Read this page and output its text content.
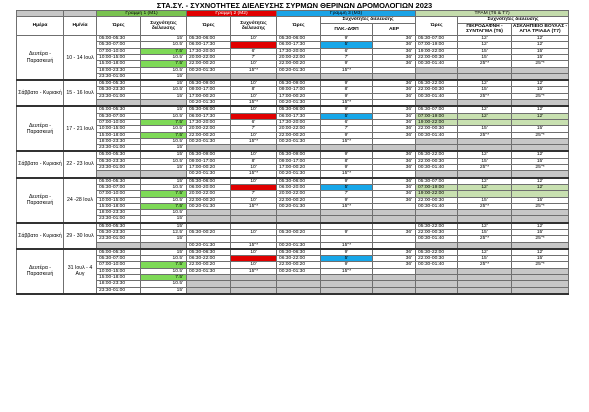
ΣΤΑ.ΣΥ. - ΣΥΧΝΟΤΗΤΕΣ ΔΙΕΛΕΥΣΗΣ ΣΥΡΜΩΝ ΘΕΡΙΝΩΝ ΔΡΟΜΟΛΟΓΙΩΝ 2023
		Γραμμή 1 (Μ1)		Γραμμή 2 (Μ2)		Γραμμή 3 (Μ3)			ΤΡΑΜ (Τ6 & Τ7)		
Ημέρα	Ημ/νία	Ώρες	Συχνότητες διέλευσης	Ώρες	Συχνότητες διέλευσης	Ώρες	Συχνότητες διέλευσης		Ώρες	Συχνότητες διέλευσης	
							ΠΛΚ.-ΔΦΠ	ΑΕΡ		ΠΙΚΡΟΔΑΦΝΗ - ΣΥΝΤΑΓΜΑ (Τ6)	ΑΣΚΛΗΠΙΕΙΟ ΒΟΥΛΑΣ - ΑΓΙΑ ΤΡΙΑΔΑ (Τ7)
Δευτέρα - Παρασκευή	10 - 14 Ιουλ	05:00-05:30	15'	05:30-06:00	10'	05:30-06:00	9'	36'	05:30-07:00	12'	12'
		05:30-07:00	10.5'	06:00-17:30		06:00-17:30	5'	36'	07:00-19:00	12'	12'
		07:00-10:00	7.5'	17:30-20:00	6'	17:30-20:00	6'	36'	19:00-22:00	15'	15'
		10:00-15:00	10.5'	20:00-22:00	7'	20:00-22:00	7'	36'	22:00-00:30	15'	15'
		15:00-18:00	7.5'	22:00-00:20	10'	22:00-00:20	9'	36'	00:30-01:40	25''*	25''*
		18:00-23:30	10.5'	00:20-01:30	15''*	00:20-01:30	15''*				
		23:30-01:00	15'								
Σάββατο - Κυριακή	15 - 16 Ιουλ	05:00-05:30	15'	05:30-09:00	10'	05:30-09:00	9'	36'	05:30-22:00	12'	12'
		05:30-23:30	10.5'	09:00-17:00	8'	09:00-17:00	8'	36'	22:00-00:30	15'	15'
		23:30-01:00	15'	17:00-00:20	10'	17:00-00:20	9'	36'	00:30-01:40	25''*	25''*
				00:20-01:30	15''*	00:20-01:30	15''*				
Δευτέρα - Παρασκευή	17 - 21 Ιουλ	05:00-05:30	15'	05:30-06:00	10'	05:30-06:00	9'	36'	05:30-07:00	12'	12'
		05:30-07:00	10.5'	06:00-17:30		06:00-17:30	5'	36'	07:00-19:00	12'	12'
		07:00-10:00	7.5'	17:30-20:00	6'	17:30-20:00	6'	36'	19:00-22:00		
		10:00-15:00	10.5'	20:00-22:00	7'	20:00-22:00	7'	36'	22:00-00:30	15'	15'
		15:00-18:00	7.5'	22:00-00:20	10'	22:00-00:20	9'	36'	00:30-01:40	25''*	25''*
		18:00-23:30	10.5'	00:20-01:30	15''*	00:20-01:30	15''*				
		23:30-01:00	15'								
Σάββατο - Κυριακή	22 - 23 Ιουλ	05:00-05:30	15'	05:30-09:00	10'	05:30-09:00	9'	36'	05:30-22:00	12'	12'
		05:30-23:30	10.5'	09:00-17:00	8'	09:00-17:00	8'	36'	22:00-00:30	15'	15'
		23:30-01:00	15'	17:00-00:20	10'	17:00-00:20	9'	36'	00:30-01:40	25''*	25''*
				00:20-01:30	15''*	00:20-01:30	15''*				
Δευτέρα - Παρασκευή	24 -28 Ιουλ	05:00-05:30	15'	05:30-06:00	10'	05:30-06:00	9'	36'	05:30-07:00	12'	12'
		05:30-07:00	10.5'	06:00-20:00		06:00-20:00	5'	36'	07:00-19:00	12'	12'
		07:00-10:00	7.5'	20:00-22:00	7'	20:00-22:00	7'	36'	19:00-22:00		
		10:00-15:00	10.5'	22:00-00:20	10'	22:00-00:20	9'	36'	22:00-00:30	15'	15'
		15:00-18:00	7.5'	00:20-01:30	15''*	00:20-01:30	15''*		00:30-01:40	25''*	25''*
		18:00-23:30	10.5'								
		23:30-01:00	15'								
Σάββατο - Κυριακή	29 - 30 Ιουλ	05:00-05:30	15'						05:30-22:00	12'	12'
		05:30-23:30	12.5'	05:30-00:20	10'	05:30-00:20	9'	36'	22:00-00:30	15'	15'
		23:30-01:00	15'						00:30-01:40	25''*	25''*
				00:20-01:30	15''*	00:20-01:30	15''*				
Δευτέρα - Παρασκευή	31 Ιουλ - 4 Αυγ	05:00-05:30	15'	05:30-06:30	10'	05:30-06:30	9'	36'	05:30-22:00	12'	12'
		05:30-07:00	10.5'	06:30-22:00		06:30-22:00	5'	36'	22:00-00:30	15'	15'
		07:00-10:00	7.5'	22:00-00:20	10'	22:00-00:20	9'	36'	00:30-01:40	25''*	25''*
		10:00-15:00	10.5'	00:20-01:30	15''*	00:20-01:30	15''*				
		15:00-18:00	7.5'								
		18:00-23:30	10.5'								
		23:30-01:00	15'								
